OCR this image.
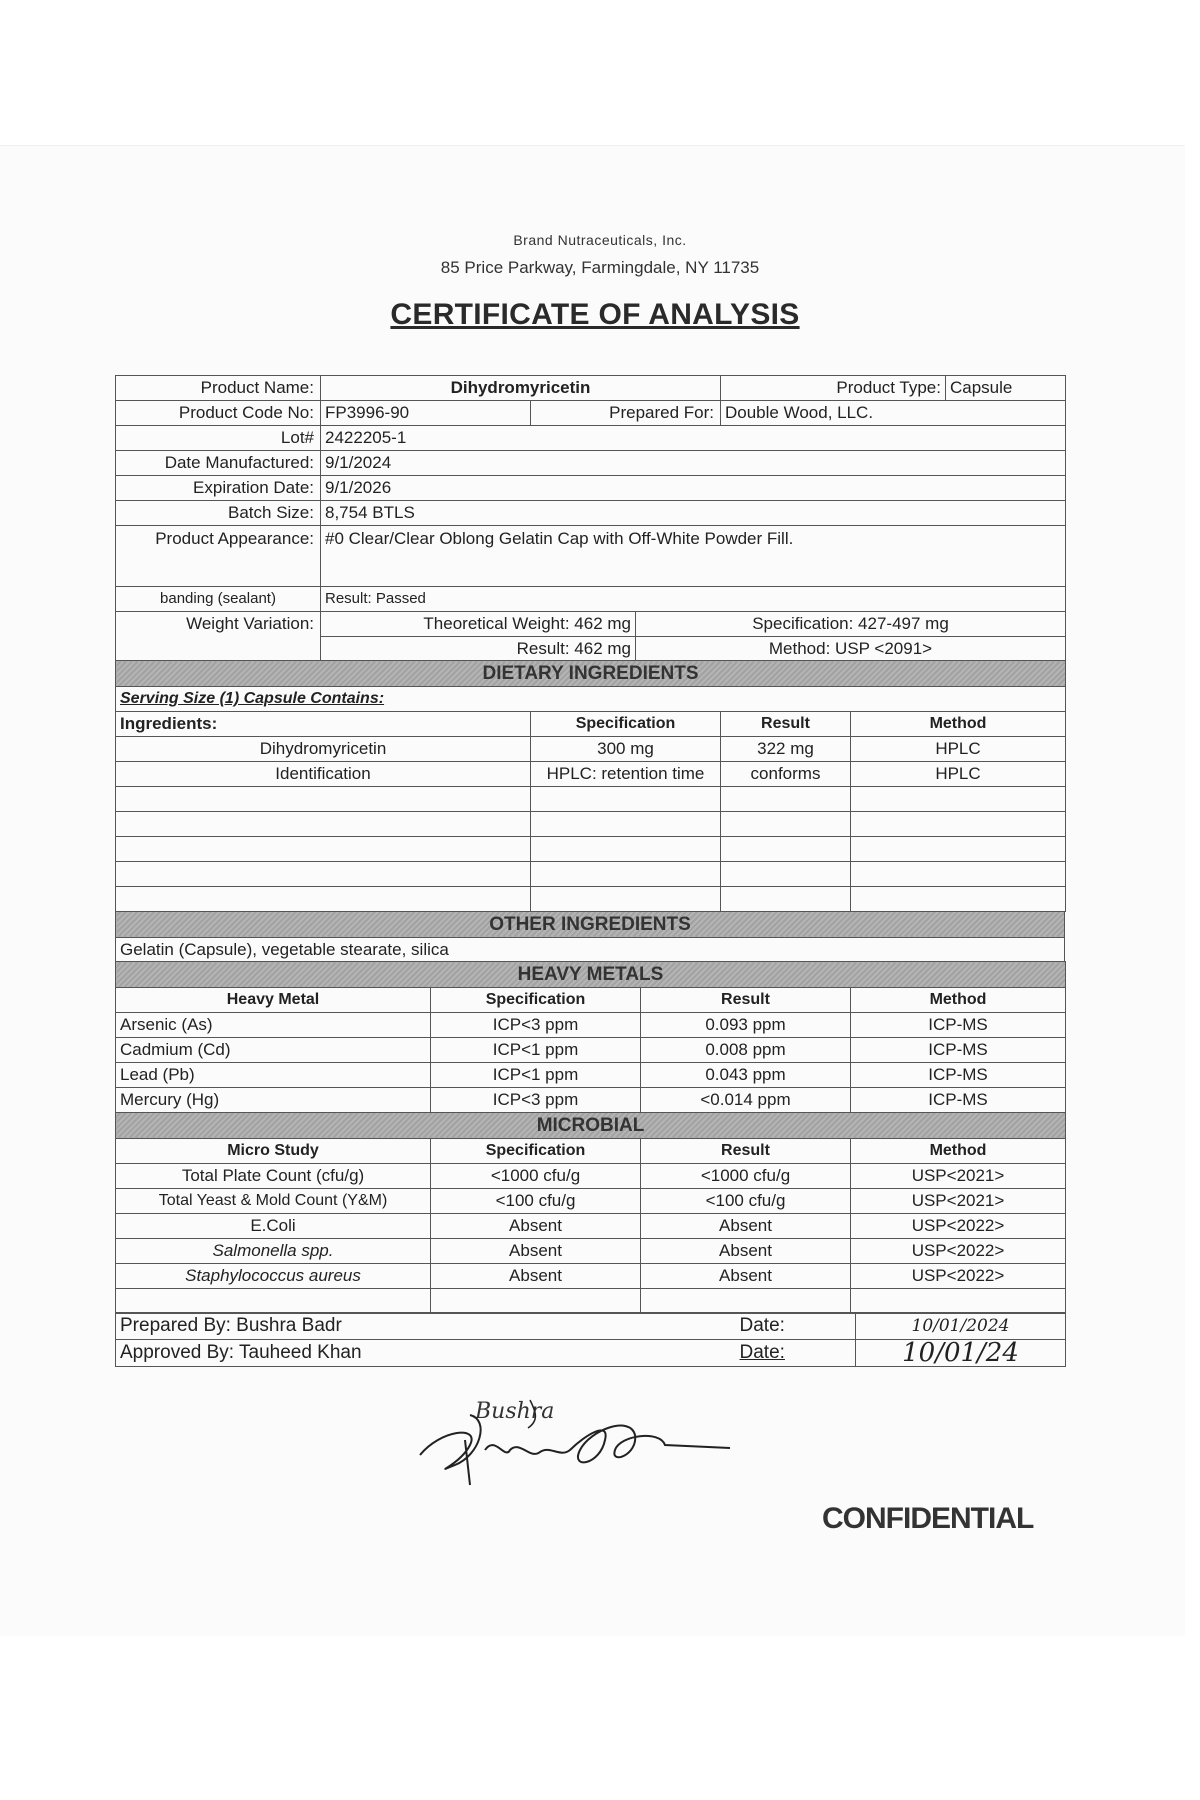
Brand Nutraceuticals, Inc.
85 Price Parkway, Farmingdale, NY 11735
CERTIFICATE OF ANALYSIS
Product Name:	Dihydromyricetin		Product Type:	Capsule
Product Code No:	FP3996-90	Prepared For:	Double Wood, LLC.	
Lot#	2422205-1			
Date Manufactured:	9/1/2024			
Expiration Date:	9/1/2026			
Batch Size:	8,754 BTLS			
Product Appearance:	#0 Clear/Clear Oblong Gelatin Cap with Off-White Powder Fill.			
banding (sealant)	Result: Passed			
Weight Variation:	Theoretical Weight: 462 mg	Specification: 427-497 mg
	Result: 462 mg	Method: USP <2091>
DIETARY INGREDIENTS			
Serving Size (1) Capsule Contains:			
Ingredients:	Specification	Result	Method
Dihydromyricetin	300 mg	322 mg	HPLC
Identification	HPLC: retention time	conforms	HPLC

OTHER INGREDIENTS
Gelatin (Capsule), vegetable stearate, silica
HEAVY METALS			
Heavy Metal	Specification	Result	Method
Arsenic (As)	ICP<3 ppm	0.093 ppm	ICP-MS
Cadmium (Cd)	ICP<1 ppm	0.008 ppm	ICP-MS
Lead (Pb)	ICP<1 ppm	0.043 ppm	ICP-MS
Mercury (Hg)	ICP<3 ppm	<0.014 ppm	ICP-MS
MICROBIAL			
Micro Study	Specification	Result	Method
Total Plate Count (cfu/g)	<1000 cfu/g	<1000 cfu/g	USP<2021>
Total Yeast & Mold Count (Y&M)	<100 cfu/g	<100 cfu/g	USP<2021>
E.Coli	Absent	Absent	USP<2022>
Salmonella spp.	Absent	Absent	USP<2022>
Staphylococcus aureus	Absent	Absent	USP<2022>

Prepared By: Bushra Badr	Date:	10/01/2024
Approved By: Tauheed Khan	Date:	10/01/24
Bushra
CONFIDENTIAL
